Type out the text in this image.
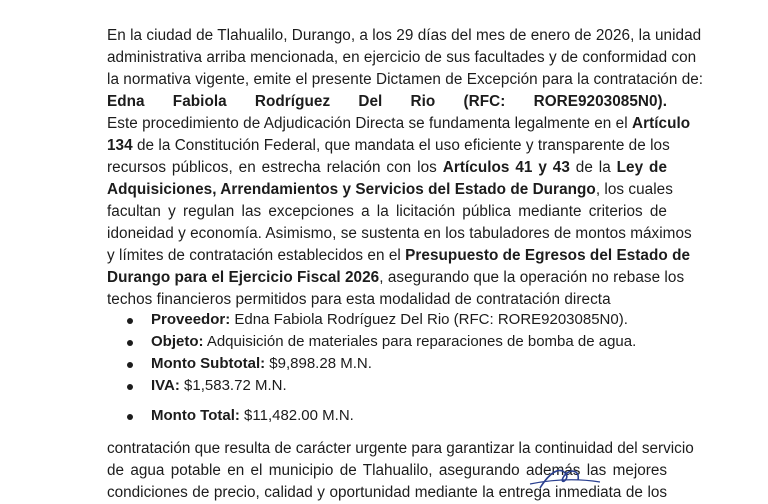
En la ciudad de Tlahualilo, Durango, a los 29 días del mes de enero de 2026, la unidad
administrativa arriba mencionada, en ejercicio de sus facultades y de conformidad con
la normativa vigente, emite el presente Dictamen de Excepción para la contratación de:
Edna Fabiola Rodríguez Del Rio (RFC: RORE9203085N0).
Este procedimiento de Adjudicación Directa se fundamenta legalmente en el Artículo
134 de la Constitución Federal, que mandata el uso eficiente y transparente de los
recursos públicos, en estrecha relación con los Artículos 41 y 43 de la Ley de
Adquisiciones, Arrendamientos y Servicios del Estado de Durango, los cuales
facultan y regulan las excepciones a la licitación pública mediante criterios de
idoneidad y economía. Asimismo, se sustenta en los tabuladores de montos máximos
y límites de contratación establecidos en el Presupuesto de Egresos del Estado de
Durango para el Ejercicio Fiscal 2026, asegurando que la operación no rebase los
techos financieros permitidos para esta modalidad de contratación directa
Proveedor: Edna Fabiola Rodríguez Del Rio (RFC: RORE9203085N0).
Objeto: Adquisición de materiales para reparaciones de bomba de agua.
Monto Subtotal: $9,898.28 M.N.
IVA: $1,583.72 M.N.
Monto Total: $11,482.00 M.N.
contratación que resulta de carácter urgente para garantizar la continuidad del servicio
de agua potable en el municipio de Tlahualilo, asegurando además las mejores
condiciones de precio, calidad y oportunidad mediante la entrega inmediata de los
